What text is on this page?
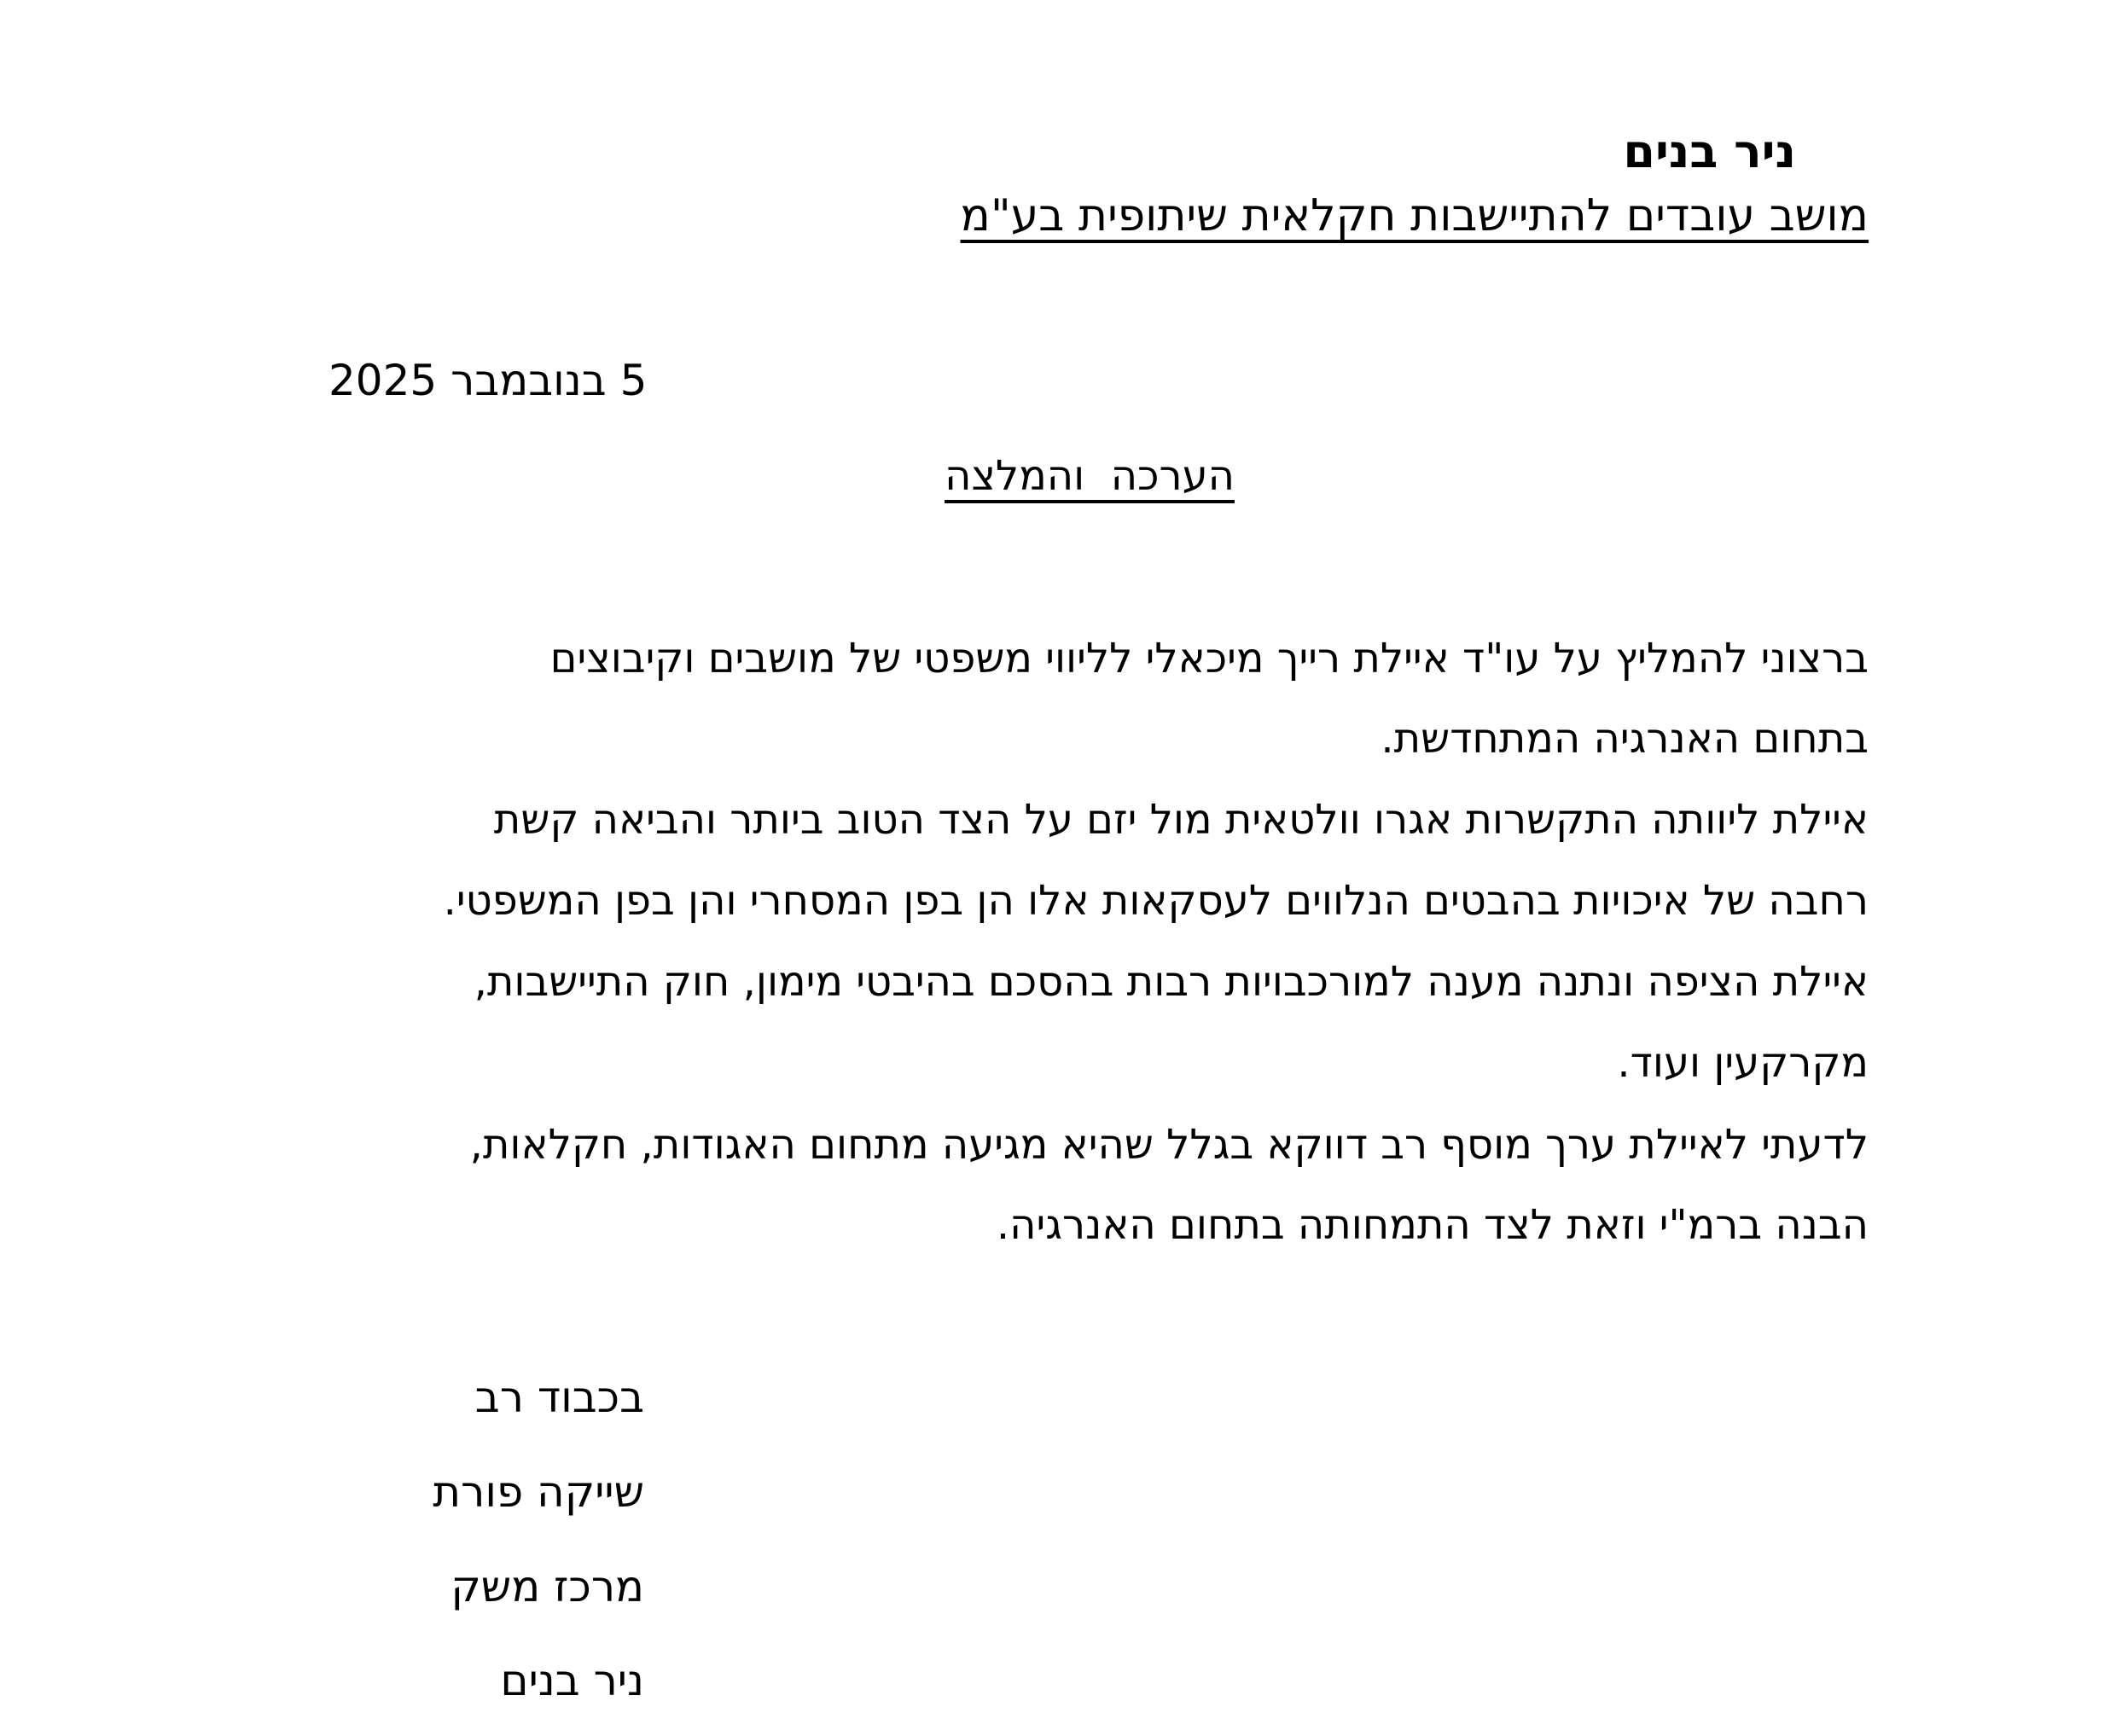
ניר בנים
מושב עובדים להתיישבות חקלאית שיתופית בע"מ
5 בנובמבר 2025
הערכה  והמלצה
ברצוני להמליץ על עו"ד איילת רייך מיכאלי לליווי משפטי של מושבים וקיבוצים
בתחום האנרגיה המתחדשת.
איילת ליוותה התקשרות אגרו וולטאית מול יזם על הצד הטוב ביותר והביאה קשת
רחבה של איכויות בהבטים הנלווים לעסקאות אלו הן בפן המסחרי והן בפן המשפטי.
איילת הציפה ונתנה מענה למורכבויות רבות בהסכם בהיבטי מימון, חוק התיישבות,
מקרקעין ועוד.
לדעתי לאיילת ערך מוסף רב דווקא בגלל שהיא מגיעה מתחום האגודות, חקלאות,
הבנה ברמ"י וזאת לצד התמחותה בתחום האנרגיה.
בכבוד רב
שייקה פורת
מרכז משק
ניר בנים
